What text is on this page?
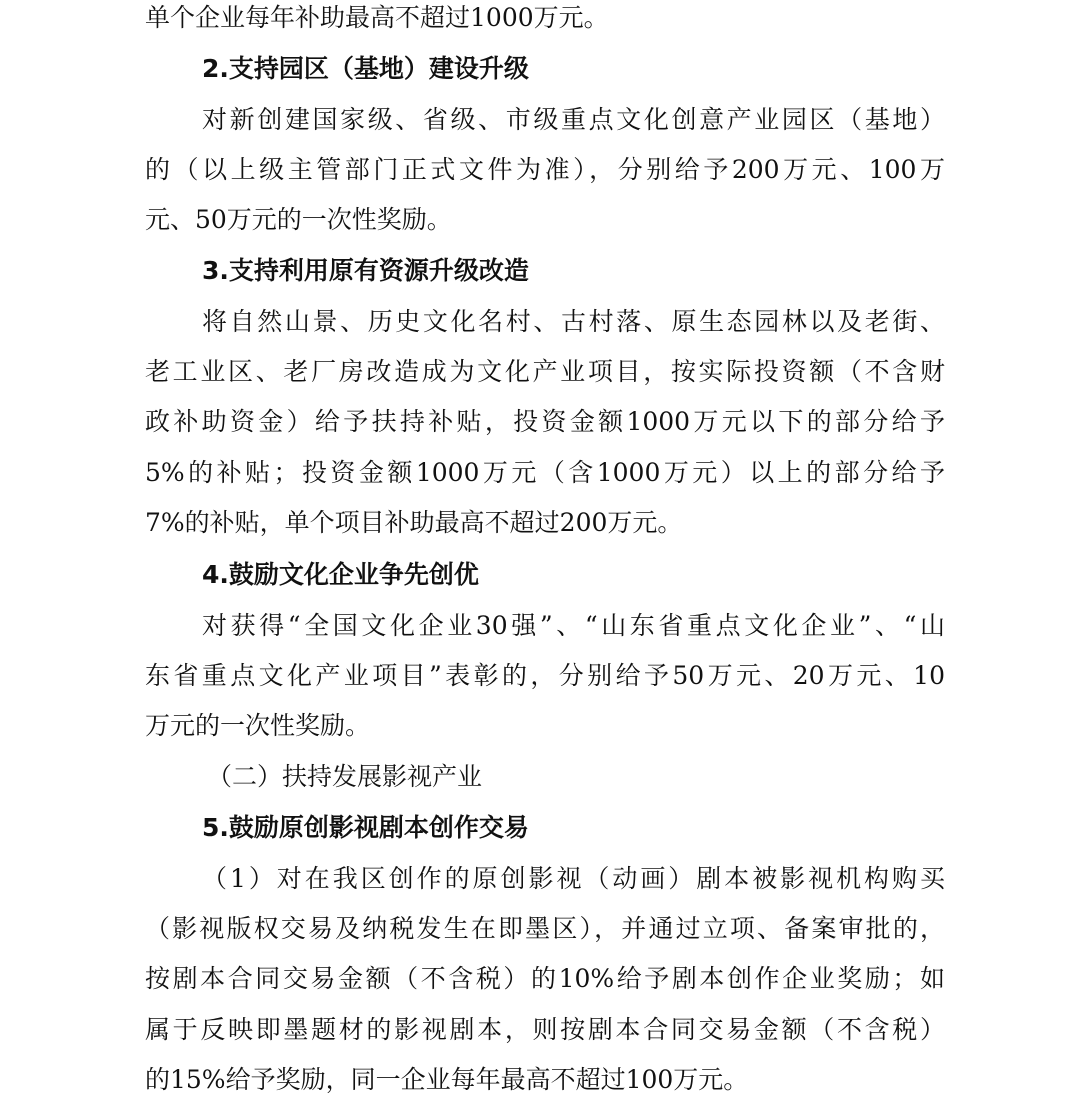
单个企业每年补助最高不超过1000万元。
2.支持园区（基地）建设升级
对新创建国家级、省级、市级重点文化创意产业园区（基地）
的（以上级主管部门正式文件为准），分别给予200万元、100万
元、50万元的一次性奖励。
3.支持利用原有资源升级改造
将自然山景、历史文化名村、古村落、原生态园林以及老街、
老工业区、老厂房改造成为文化产业项目，按实际投资额（不含财
政补助资金）给予扶持补贴，投资金额1000万元以下的部分给予
5%的补贴；投资金额1000万元（含1000万元）以上的部分给予
7%的补贴，单个项目补助最高不超过200万元。
4.鼓励文化企业争先创优
对获得“全国文化企业30强”、“山东省重点文化企业”、“山
东省重点文化产业项目”表彰的，分别给予50万元、20万元、10
万元的一次性奖励。
（二）扶持发展影视产业
5.鼓励原创影视剧本创作交易
（1）对在我区创作的原创影视（动画）剧本被影视机构购买
（影视版权交易及纳税发生在即墨区），并通过立项、备案审批的，
按剧本合同交易金额（不含税）的10%给予剧本创作企业奖励；如
属于反映即墨题材的影视剧本，则按剧本合同交易金额（不含税）
的15%给予奖励，同一企业每年最高不超过100万元。
